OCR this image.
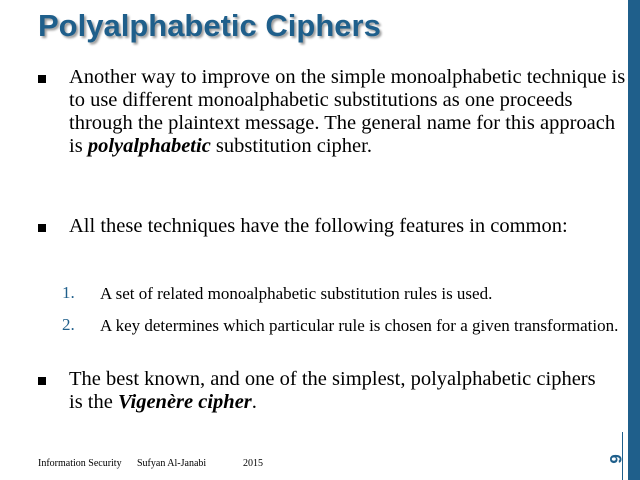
Polyalphabetic Ciphers
Another way to improve on the simple monoalphabetic technique is to use different monoalphabetic substitutions as one proceeds through the plaintext message. The general name for this approach is polyalphabetic substitution cipher.
All these techniques have the following features in common:
1. A set of related monoalphabetic substitution rules is used.
2. A key determines which particular rule is chosen for a given transformation.
The best known, and one of the simplest, polyalphabetic ciphers is the Vigenère cipher.
Information Security Sufyan Al-Janabi	2015	6
